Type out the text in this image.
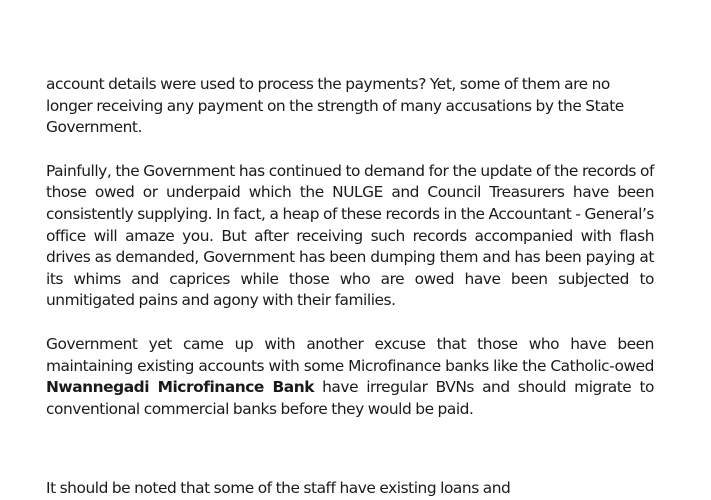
account details were used to process the payments? Yet, some of them are no longer receiving any payment on the strength of many accusations by the State Government.

Painfully, the Government has continued to demand for the update of the records of those owed or underpaid which the NULGE and Council Treasurers have been consistently supplying. In fact, a heap of these records in the Accountant - General’s office will amaze you. But after receiving such records accompanied with flash drives as demanded, Government has been dumping them and has been paying at its whims and caprices while those who are owed have been subjected to unmitigated pains and agony with their families.

Government yet came up with another excuse that those who have been maintaining existing accounts with some Microfinance banks like the Catholic-owed Nwannegadi Microfinance Bank have irregular BVNs and should migrate to conventional commercial banks before they would be paid.

It should be noted that some of the staff have existing loans and
